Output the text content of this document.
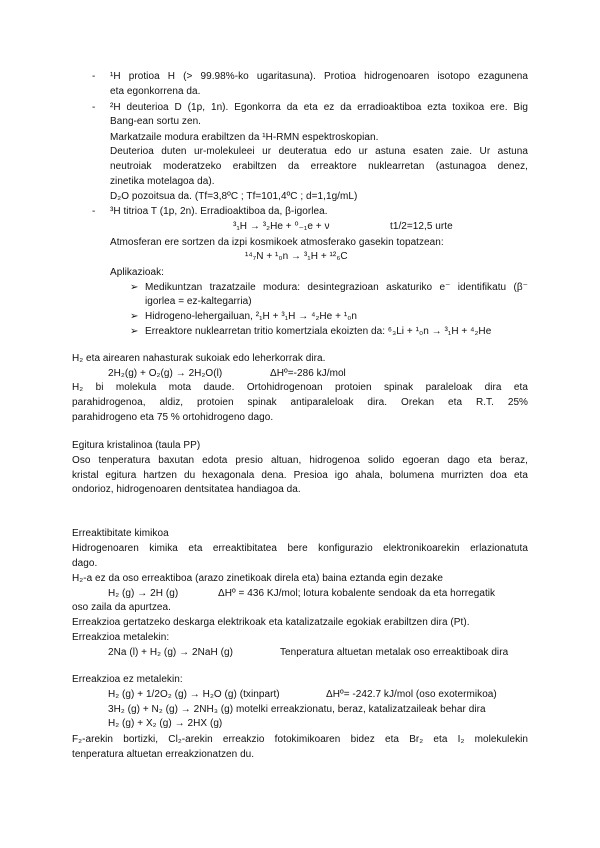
- ¹H protioa H (> 99.98%-ko ugaritasuna). Protioa hidrogenoaren isotopo ezagunena
eta egonkorrena da.
- ²H deuterioa D (1p, 1n). Egonkorra da eta ez da erradioaktiboa ezta toxikoa ere. Big
Bang-ean sortu zen.
Markatzaile modura erabiltzen da ¹H-RMN espektroskopian.
Deuterioa duten ur-molekuleei ur deuteratua edo ur astuna esaten zaie. Ur astuna
neutroiak moderatzeko erabiltzen da erreaktore nuklearretan (astunagoa denez,
zinetika motelagoa da).
D₂O pozoitsua da. (Tf=3,8ºC ; Tf=101,4ºC ; d=1,1g/mL)
- ³H titrioa T (1p, 2n). Erradioaktiboa da, β-igorlea.
³₁H → ³₂He + ⁰₋₁e + ν	t1/2=12,5 urte
Atmosferan ere sortzen da izpi kosmikoek atmosferako gasekin topatzean:
¹⁴₇N + ¹₀n → ³₁H + ¹²₆C
Aplikazioak:
➢ Medikuntzan trazatzaile modura: desintegrazioan askaturiko e⁻ identifikatu (β⁻
igorlea = ez-kaltegarria)
➢ Hidrogeno-lehergailuan, ²₁H + ³₁H → ⁴₂He + ¹₀n
➢ Erreaktore nuklearretan tritio komertziala ekoizten da: ⁶₃Li + ¹₀n → ³₁H + ⁴₂He
H₂ eta airearen nahasturak sukoiak edo leherkorrak dira.
2H₂(g) + O₂(g) → 2H₂O(l)	ΔHº=-286 kJ/mol
H₂ bi molekula mota daude. Ortohidrogenoan protoien spinak paraleloak dira eta
parahidrogenoa, aldiz, protoien spinak antiparaleloak dira. Orekan eta R.T. 25%
parahidrogeno eta 75 % ortohidrogeno dago.
Egitura kristalinoa (taula PP)
Oso tenperatura baxutan edota presio altuan, hidrogenoa solido egoeran dago eta beraz,
kristal egitura hartzen du hexagonala dena. Presioa igo ahala, bolumena murrizten doa eta
ondorioz, hidrogenoaren dentsitatea handiagoa da.
Erreaktibitate kimikoa
Hidrogenoaren kimika eta erreaktibitatea bere konfigurazio elektronikoarekin erlazionatuta
dago.
H₂-a ez da oso erreaktiboa (arazo zinetikoak direla eta) baina eztanda egin dezake
H₂ (g) → 2H (g)	ΔHº = 436 KJ/mol; lotura kobalente sendoak da eta horregatik
oso zaila da apurtzea.
Erreakzioa gertatzeko deskarga elektrikoak eta katalizatzaile egokiak erabiltzen dira (Pt).
Erreakzioa metalekin:
2Na (l) + H₂ (g) → 2NaH (g)	Tenperatura altuetan metalak oso erreaktiboak dira
Erreakzioa ez metalekin:
H₂ (g) + 1/2O₂ (g) → H₂O (g) (txinpart)	ΔHº= -242.7 kJ/mol (oso exotermikoa)
3H₂ (g) + N₂ (g) → 2NH₃ (g) motelki erreakzionatu, beraz, katalizatzaileak behar dira
H₂ (g) + X₂ (g) → 2HX (g)
F₂-arekin bortizki, Cl₂-arekin erreakzio fotokimikoaren bidez eta Br₂ eta I₂ molekulekin
tenperatura altuetan erreakzionatzen du.
